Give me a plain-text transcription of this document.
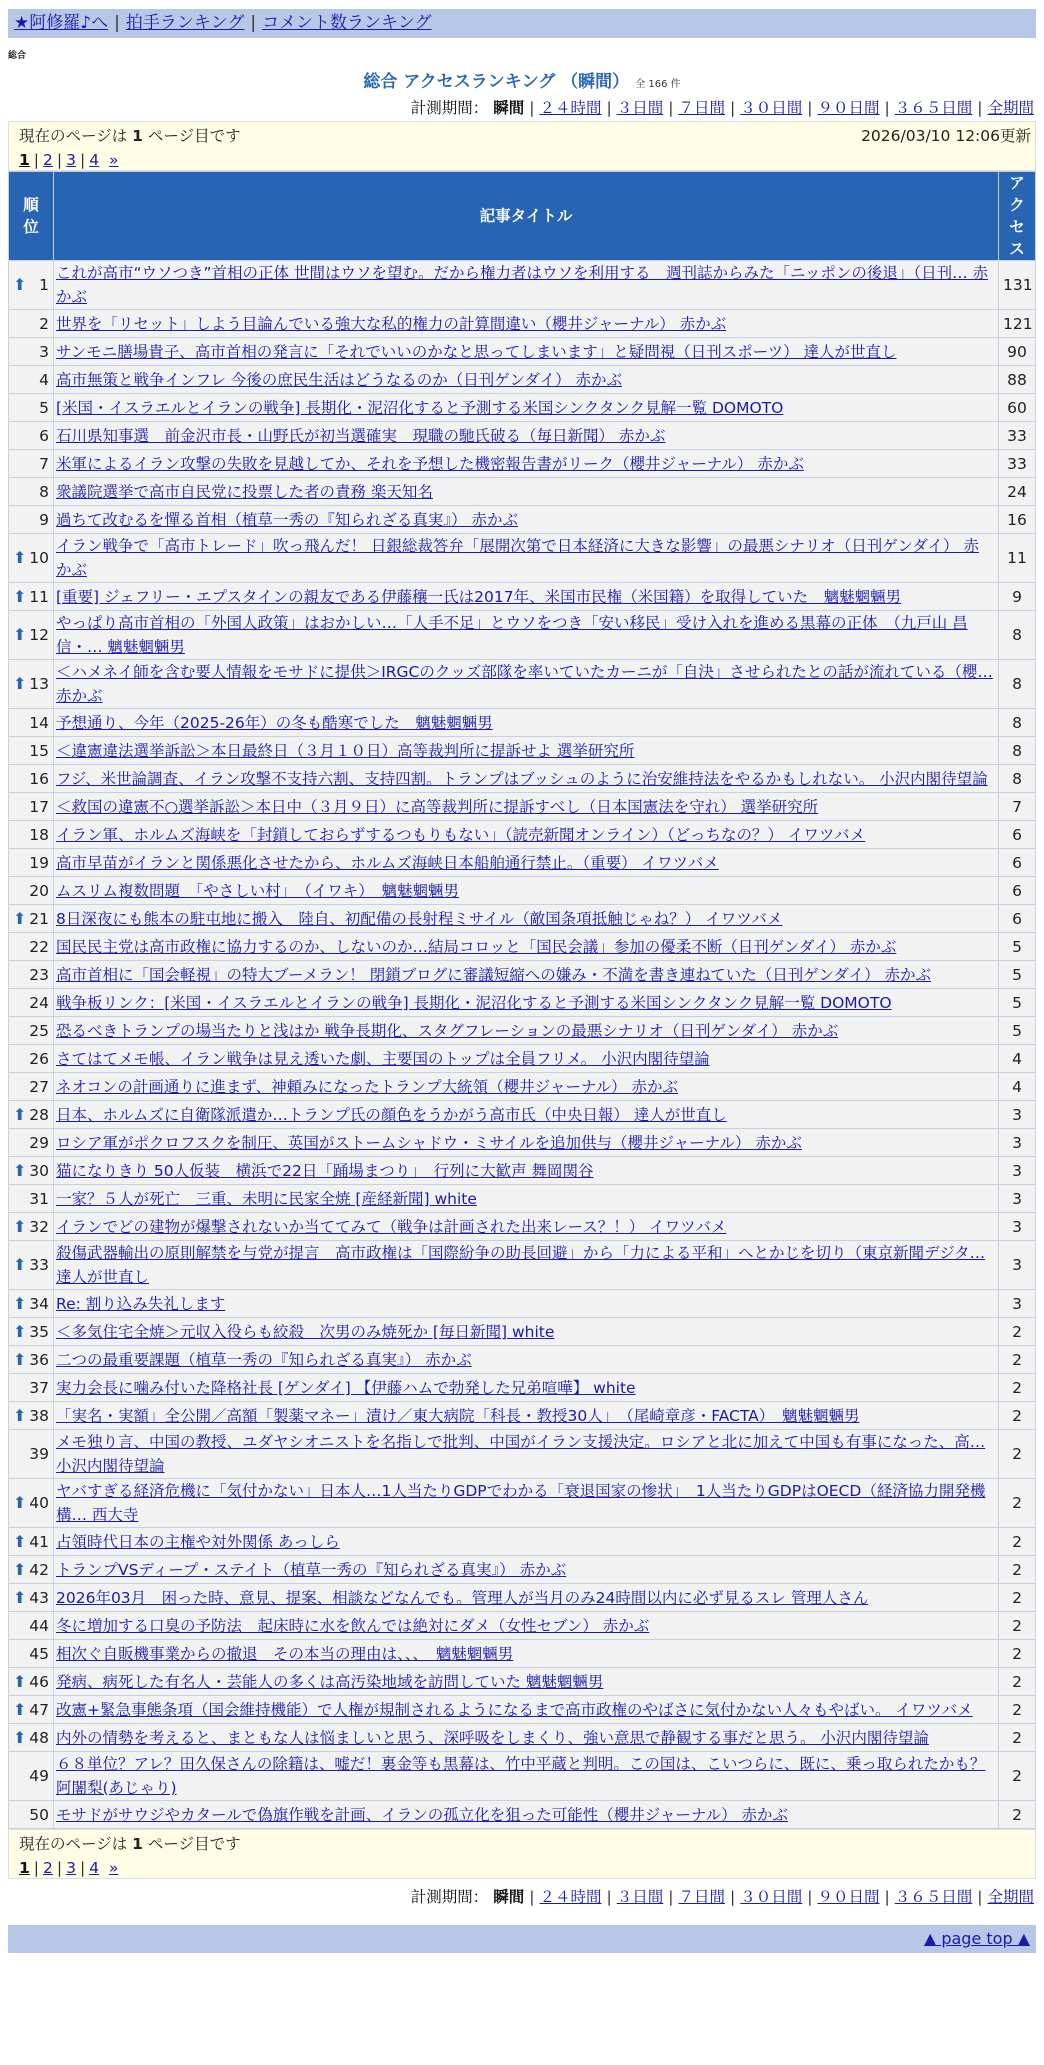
★阿修羅♪へ | 拍手ランキング | コメント数ランキング
総合
総合 アクセスランキング （瞬間） 全 166 件
計測期間： 瞬間 | ２４時間 | ３日間 | ７日間 | ３０日間 | ９０日間 | ３６５日間 | 全期間
現在のページは 1 ページ目です	2026/03/10 12:06更新
1 | 2 | 3 | 4 »
順位	記事タイトル	アクセス

⬆ 1	これが高市“ウソつき”首相の正体 世間はウソを望む。だから権力者はウソを利用する　週刊誌からみた「ニッポンの後退」（日刊… 赤かぶ	131
2	世界を「リセット」しよう目論んでいる強大な私的権力の計算間違い（櫻井ジャーナル） 赤かぶ	121
3	サンモニ膳場貴子、高市首相の発言に「それでいいのかなと思ってしまいます」と疑問視（日刊スポーツ） 達人が世直し	90
4	高市無策と戦争インフレ 今後の庶民生活はどうなるのか（日刊ゲンダイ） 赤かぶ	88
5	[米国・イスラエルとイランの戦争] 長期化・泥沼化すると予測する米国シンクタンク見解一覧 DOMOTO	60
6	石川県知事選　前金沢市長・山野氏が初当選確実　現職の馳氏破る（毎日新聞） 赤かぶ	33
7	米軍によるイラン攻撃の失敗を見越してか、それを予想した機密報告書がリーク（櫻井ジャーナル） 赤かぶ	33
8	衆議院選挙で高市自民党に投票した者の責務 楽天知名	24
9	過ちて改むるを憚る首相（植草一秀の『知られざる真実』） 赤かぶ	16

⬆ 10	イラン戦争で「高市トレード」吹っ飛んだ！ 日銀総裁答弁「展開次第で日本経済に大きな影響」の最悪シナリオ（日刊ゲンダイ） 赤かぶ	11

⬆ 11	[重要] ジェフリー・エプスタインの親友である伊藤穰一氏は2017年、米国市民権（米国籍）を取得していた　魑魅魍魎男	9

⬆ 12	やっぱり高市首相の「外国人政策」はおかしい…「人手不足」とウソをつき「安い移民」受け入れを進める黒幕の正体　（九戸山 昌信・… 魑魅魍魎男	8

⬆ 13	＜ハメネイ師を含む要人情報をモサドに提供＞IRGCのクッズ部隊を率いていたカーニが「自決」させられたとの話が流れている（櫻… 赤かぶ	8
14	予想通り、今年（2025-26年）の冬も酷寒でした　魑魅魍魎男	8
15	＜違憲違法選挙訴訟＞本日最終日（３月１０日）高等裁判所に提訴せよ 選挙研究所	8
16	フジ、米世論調査、イラン攻撃不支持六割、支持四割。トランプはブッシュのように治安維持法をやるかもしれない。 小沢内閣待望論	8
17	＜救国の違憲不○選挙訴訟＞本日中（３月９日）に高等裁判所に提訴すべし（日本国憲法を守れ） 選挙研究所	7
18	イラン軍、ホルムズ海峡を「封鎖しておらずするつもりもない」（読売新聞オンライン）（どっちなの？） イワツバメ	6
19	高市早苗がイランと関係悪化させたから、ホルムズ海峡日本船舶通行禁止。（重要） イワツバメ	6
20	ムスリム複数問題　「やさしい村」　（イワキ）　魑魅魍魎男	6

⬆ 21	8日深夜にも熊本の駐屯地に搬入　陸自、初配備の長射程ミサイル（敵国条項抵触じゃね？） イワツバメ	6
22	国民民主党は高市政権に協力するのか、しないのか…結局コロッと「国民会議」参加の優柔不断（日刊ゲンダイ） 赤かぶ	5
23	高市首相に「国会軽視」の特大ブーメラン！ 閉鎖ブログに審議短縮への嫌み・不満を書き連ねていた（日刊ゲンダイ） 赤かぶ	5
24	戦争板リンク：[米国・イスラエルとイランの戦争] 長期化・泥沼化すると予測する米国シンクタンク見解一覧 DOMOTO	5
25	恐るべきトランプの場当たりと浅はか 戦争長期化、スタグフレーションの最悪シナリオ（日刊ゲンダイ） 赤かぶ	5
26	さてはてメモ帳、イラン戦争は見え透いた劇、主要国のトップは全員フリメ。 小沢内閣待望論	4
27	ネオコンの計画通りに進まず、神頼みになったトランプ大統領（櫻井ジャーナル） 赤かぶ	4

⬆ 28	日本、ホルムズに自衛隊派遣か…トランプ氏の顔色をうかがう高市氏（中央日報） 達人が世直し	3
29	ロシア軍がポクロフスクを制圧、英国がストームシャドウ・ミサイルを追加供与（櫻井ジャーナル） 赤かぶ	3

⬆ 30	猫になりきり 50人仮装　横浜で22日「踊場まつり」　行列に大歓声 舞岡関谷	3
31	一家？５人が死亡　三重、未明に民家全焼 [産経新聞] white	3

⬆ 32	イランでどの建物が爆撃されないか当ててみて（戦争は計画された出来レース？！） イワツバメ	3

⬆ 33	殺傷武器輸出の原則解禁を与党が提言　高市政権は「国際紛争の助長回避」から「力による平和」へとかじを切り（東京新聞デジタ… 達人が世直し	3

⬆ 34	Re: 割り込み失礼します	3

⬆ 35	＜多気住宅全焼＞元収入役らも絞殺　次男のみ焼死か [毎日新聞] white	2

⬆ 36	二つの最重要課題（植草一秀の『知られざる真実』） 赤かぶ	2
37	実力会長に噛み付いた降格社長 [ゲンダイ] 【伊藤ハムで勃発した兄弟喧嘩】 white	2

⬆ 38	「実名・実額」全公開／高額「製薬マネー」漬け／東大病院「科長・教授30人」　（尾崎章彦・FACTA）　魑魅魍魎男	2
39	メモ独り言、中国の教授、ユダヤシオニストを名指しで批判、中国がイラン支援決定。ロシアと北に加えて中国も有事になった、高… 小沢内閣待望論	2

⬆ 40	ヤバすぎる経済危機に「気付かない」日本人…1人当たりGDPでわかる「衰退国家の惨状」　1人当たりGDPはOECD（経済協力開発機構… 西大寺	2

⬆ 41	占領時代日本の主権や対外関係 あっしら	2

⬆ 42	トランプVSディープ・ステイト（植草一秀の『知られざる真実』） 赤かぶ	2

⬆ 43	2026年03月　困った時、意見、提案、相談などなんでも。管理人が当月のみ24時間以内に必ず見るスレ 管理人さん	2
44	冬に増加する口臭の予防法　起床時に水を飲んでは絶対にダメ（女性セブン） 赤かぶ	2
45	相次ぐ自販機事業からの撤退　その本当の理由は、、、　魑魅魍魎男	2

⬆ 46	発病、病死した有名人・芸能人の多くは高汚染地域を訪問していた 魑魅魍魎男	2

⬆ 47	改憲+緊急事態条項（国会維持機能）で人権が規制されるようになるまで高市政権のやばさに気付かない人々もやばい。 イワツバメ	2

⬆ 48	内外の情勢を考えると、まともな人は悩ましいと思う、深呼吸をしまくり、強い意思で静観する事だと思う。 小沢内閣待望論	2
49	６８単位？アレ？田久保さんの除籍は、嘘だ！裏金等も黒幕は、竹中平蔵と判明。この国は、こいつらに、既に、乗っ取られたかも？ 阿闍梨(あじゃり)	2
50	モサドがサウジやカタールで偽旗作戦を計画、イランの孤立化を狙った可能性（櫻井ジャーナル） 赤かぶ	2
現在のページは 1 ページ目です
1 | 2 | 3 | 4 »
計測期間： 瞬間 | ２４時間 | ３日間 | ７日間 | ３０日間 | ９０日間 | ３６５日間 | 全期間
▲ page top ▲
